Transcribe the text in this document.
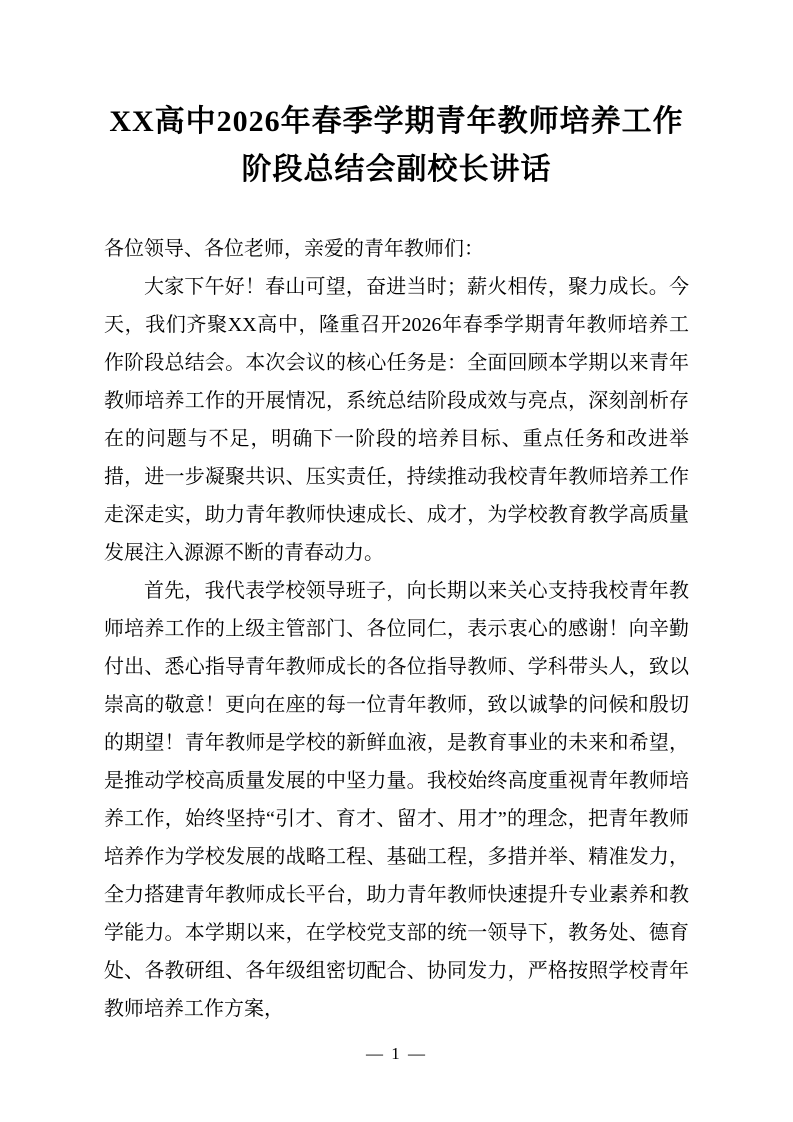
XX高中2026年春季学期青年教师培养工作阶段总结会副校长讲话

各位领导、各位老师，亲爱的青年教师们：

大家下午好！春山可望，奋进当时；薪火相传，聚力成长。今天，我们齐聚XX高中，隆重召开2026年春季学期青年教师培养工作阶段总结会。本次会议的核心任务是：全面回顾本学期以来青年教师培养工作的开展情况，系统总结阶段成效与亮点，深刻剖析存在的问题与不足，明确下一阶段的培养目标、重点任务和改进举措，进一步凝聚共识、压实责任，持续推动我校青年教师培养工作走深走实，助力青年教师快速成长、成才，为学校教育教学高质量发展注入源源不断的青春动力。

首先，我代表学校领导班子，向长期以来关心支持我校青年教师培养工作的上级主管部门、各位同仁，表示衷心的感谢！向辛勤付出、悉心指导青年教师成长的各位指导教师、学科带头人，致以崇高的敬意！更向在座的每一位青年教师，致以诚挚的问候和殷切的期望！青年教师是学校的新鲜血液，是教育事业的未来和希望，是推动学校高质量发展的中坚力量。我校始终高度重视青年教师培养工作，始终坚持“引才、育才、留才、用才”的理念，把青年教师培养作为学校发展的战略工程、基础工程，多措并举、精准发力，全力搭建青年教师成长平台，助力青年教师快速提升专业素养和教学能力。本学期以来，在学校党支部的统一领导下，教务处、德育处、各教研组、各年级组密切配合、协同发力，严格按照学校青年教师培养工作方案，

— 1 —
